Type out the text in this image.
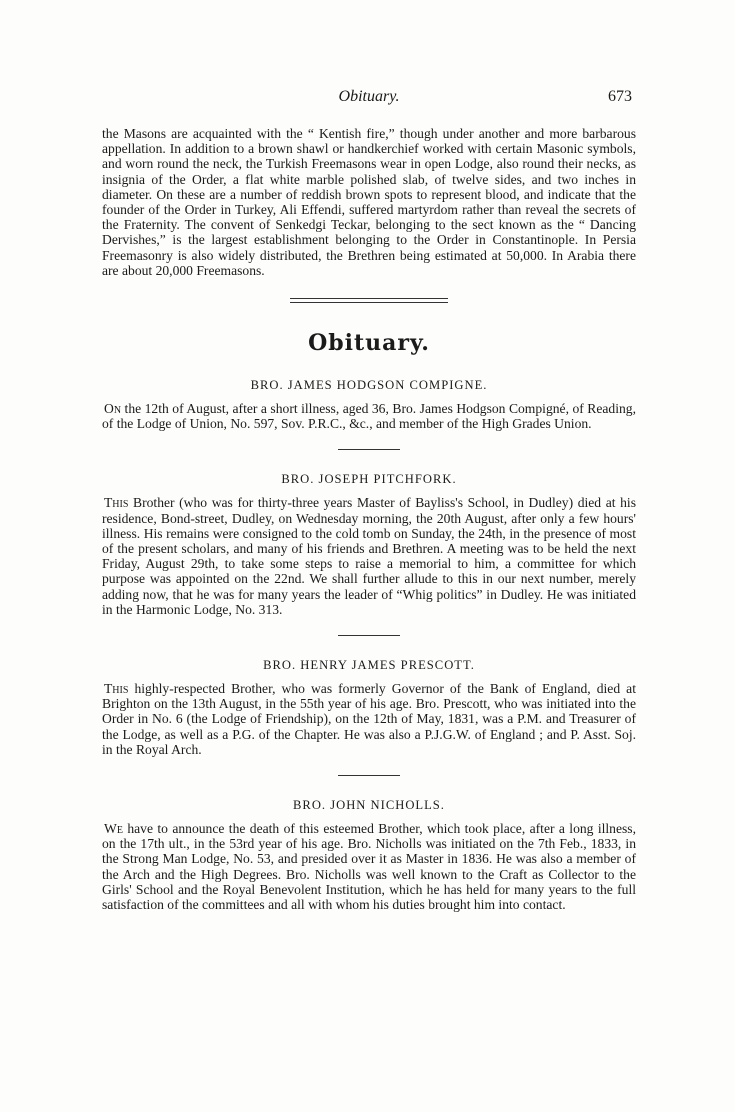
Obituary.	673

the Masons are acquainted with the “ Kentish fire,” though under another and more barbarous appellation. In addition to a brown shawl or handkerchief worked with certain Masonic symbols, and worn round the neck, the Turkish Freemasons wear in open Lodge, also round their necks, as insignia of the Order, a flat white marble polished slab, of twelve sides, and two inches in diameter. On these are a number of reddish brown spots to represent blood, and indicate that the founder of the Order in Turkey, Ali Effendi, suffered martyrdom rather than reveal the secrets of the Fraternity. The convent of Senkedgi Teckar, belonging to the sect known as the “ Dancing Dervishes,” is the largest establishment belonging to the Order in Constantinople. In Persia Freemasonry is also widely distributed, the Brethren being estimated at 50,000. In Arabia there are about 20,000 Freemasons.

Obituary.
BRO. JAMES HODGSON COMPIGNE.

On the 12th of August, after a short illness, aged 36, Bro. James Hodgson Compigné, of Reading, of the Lodge of Union, No. 597, Sov. P.R.C., &c., and member of the High Grades Union.

BRO. JOSEPH PITCHFORK.

This Brother (who was for thirty-three years Master of Bayliss's School, in Dudley) died at his residence, Bond-street, Dudley, on Wednesday morning, the 20th August, after only a few hours' illness. His remains were consigned to the cold tomb on Sunday, the 24th, in the presence of most of the present scholars, and many of his friends and Brethren. A meeting was to be held the next Friday, August 29th, to take some steps to raise a memorial to him, a committee for which purpose was appointed on the 22nd. We shall further allude to this in our next number, merely adding now, that he was for many years the leader of “Whig politics” in Dudley. He was initiated in the Harmonic Lodge, No. 313.

BRO. HENRY JAMES PRESCOTT.

This highly-respected Brother, who was formerly Governor of the Bank of England, died at Brighton on the 13th August, in the 55th year of his age. Bro. Prescott, who was initiated into the Order in No. 6 (the Lodge of Friendship), on the 12th of May, 1831, was a P.M. and Treasurer of the Lodge, as well as a P.G. of the Chapter. He was also a P.J.G.W. of England ; and P. Asst. Soj. in the Royal Arch.

BRO. JOHN NICHOLLS.

We have to announce the death of this esteemed Brother, which took place, after a long illness, on the 17th ult., in the 53rd year of his age. Bro. Nicholls was initiated on the 7th Feb., 1833, in the Strong Man Lodge, No. 53, and presided over it as Master in 1836. He was also a member of the Arch and the High Degrees. Bro. Nicholls was well known to the Craft as Collector to the Girls' School and the Royal Benevolent Institution, which he has held for many years to the full satisfaction of the committees and all with whom his duties brought him into contact.
